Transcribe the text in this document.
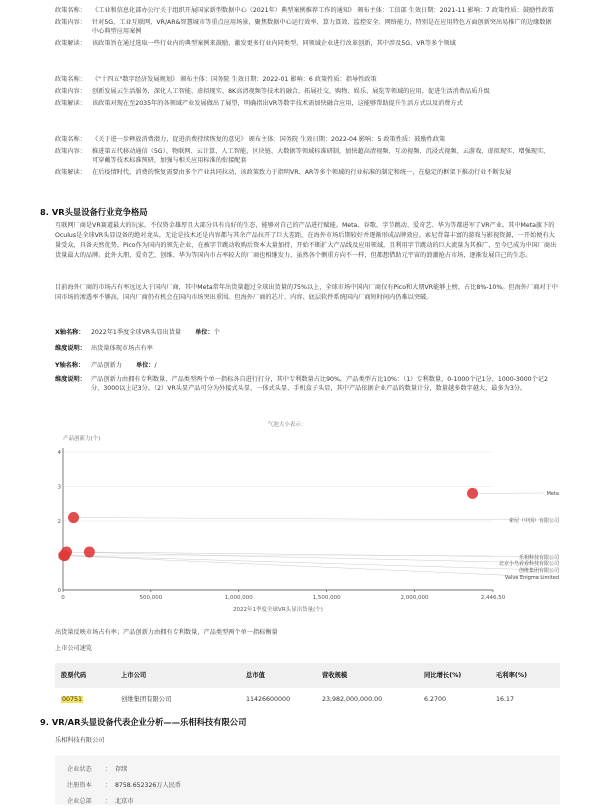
政策名称： 《工业和信息化部办公厅关于组织开展国家新型数据中心（2021年）典型案例推荐工作的通知》 颁布主体：工信部 生效日期：2021-11 影响：7 政策性质：鼓励性政策
政策内容： 针对5G、工业互联网、VR/AR&智慧城市等重点应用场景，聚焦数据中心运行效率、算力算效、监控安全、网络能力，特别是在应用特色方面创新突出易推广的边缘数据中心典型应用案例
政策解读： 该政策旨在通过选取一些行业内的典型案例来鼓励、激发更多行业内同类型、同领域企业进行改革创新，其中涉及5G、VR等多个领域
政策名称： 《"十四五"数字经济发展规划》 颁布主体：国务院 生效日期：2022-01 影响：6 政策性质：指导性政策
政策内容： 创新发展云生活服务，深化人工智能、虚拟现实、8K高清视频等技术的融合，拓展社交、购物、娱乐、展览等领域的应用，促进生活消费品质升级
政策解读： 该政策对现在至2035年的各领域产业发展做出了展望，明确指出VR等数字技术需加快融合应用，这能够帮助提升生活方式以及消费方式
政策名称： 《关于进一步释放消费潜力，促进消费持续恢复的意见》 颁布主体：国务院 生效日期：2022-04 影响：5 政策性质：鼓励性政策
政策内容： 推进第五代移动通信（5G）、物联网、云计算、人工智能、区块链、大数据等领域标准研制，加快超高清视频、互动视频、沉浸式视频、云游戏、虚拟现实、增强现实、可穿戴等技术标准预研，加强与相关应用标准的衔接配套
政策解读： 在后疫情时代，消费的恢复需要由多个产业共同拉动，该政策致力于指明VR、AR等多个领域的行业标准的制定和统一，在稳定的框架下推动行业不断发展
8. VR头显设备行业竞争格局
互联网厂商是VR赛道最大的玩家，不仅资金雄厚且大部分具有良好的生态，能够对自己的产品进行赋能。Meta、谷歌、字节跳动、爱奇艺、华为等都进军了VR产业。其中Meta旗下的Oculus是全球VR头显设备的绝对龙头，无论是技术还是内容都与其余产品拉开了巨大差距，在海外市场后期较好并逐渐形成品牌效应。索尼背靠丰富的游戏与影视资源，一开始便有大量受众，具备天然优势。Pico作为国内的领先企业，在被字节跳动收购后资本大量加持，开始不断扩大产品线及应用领域，且利用字节跳动的巨大流量为其推广，至今已成为中国厂商出货量最大的品牌。此外大朋、爱奇艺、创维、华为等国内市占率较大的厂商也相继发力，虽然各个侧重方向不一样，但都想借助元宇宙的浪潮抢占市场，逐渐发展自己的生态。
目前海外厂商的市场占有率远远大于国内厂商，其中Meta常年出货量超过全球出货量的75%以上，全球市场中国内厂商仅有Pico和大朋VR能够上榜，占比8%-10%。但海外厂商对于中国市场的渗透率不够高，国内厂商仍有机会在国内市场突出重围。但海外厂商的芯片、内容、底层软件系统国内厂商短时间内仍难以突破。
X轴名称：	2022年1季度全球VR头显出货量 单位： 个
维度说明： 出货量体现市场占有率
Y轴名称：	产品创新力 单位： /
维度说明： 产品创新力由拥有专利数量、产品类型两个单一指标各自进行打分，其中专利数量占比90%，产品类型占比10%：（1）专利数量，0-1000个记1分，1000-3000个记2分，3000以上记3分。（2）VR头显产品可分为外接式头显、一体式头显、手机盒子头显，其中产品依据企业产品的数量计分，数量越多数字越大，最多为3分。
气泡大小表示：
产品创新力(个)
0
2
3
4
0	500,000	1,000,000	1,500,000	2,000,000	2,446,50
2022年1季度全球VR头显出货量(个)
Meta
索尼（中国）有限公司
乐相科技有限公司
北京小鸟看看科技有限公司
创维集团有限公司
Valve Enigma Limited
出货量反映市场占有率；产品创新力由拥有专利数量，产品类型两个单一指标衡量
上市公司速览
股票代码	上市公司	总市值	营收规模	同比增长(%)	毛利率(%)
00751	创维集团有限公司	11426600000	23,982,000,000.00	6.2700	16.17
9. VR/AR头显设备代表企业分析——乐相科技有限公司
乐相科技有限公司
企业状态	： 存续
注册资本	： 8758.652326万人民币
企业总部	： 北京市
